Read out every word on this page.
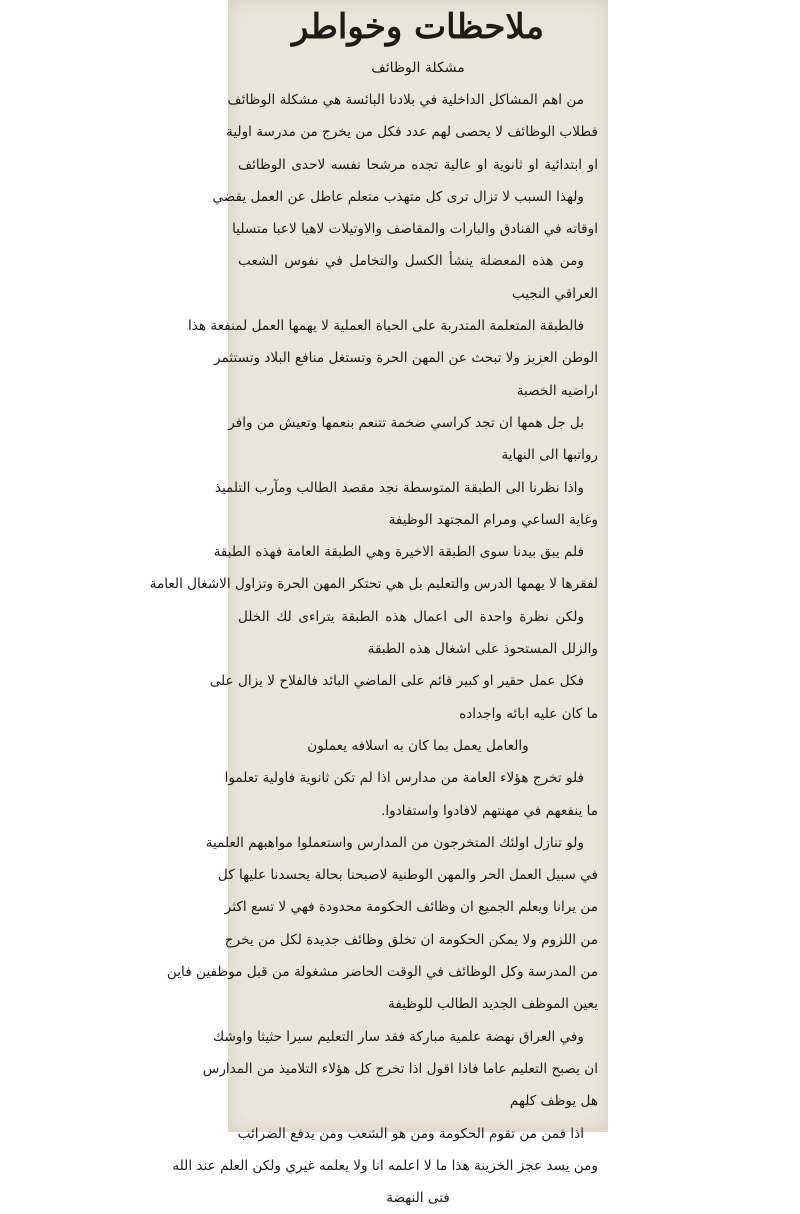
ملاحظات وخواطر
مشكلة الوظائف
من اهم المشاكل الداخلية في بلادنا البائسة هي مشكلة الوظائف
فطلاب الوظائف لا يحصى لهم عدد فكل من يخرج من مدرسة اولية
او ابتدائية او ثانوية او عالية تجده مرشحا نفسه لاحدى الوظائف
ولهذا السبب لا تزال ترى كل متهذب متعلم عاطل عن العمل يقضي
اوقاته في الفنادق والبارات والمقاصف والاوتيلات لاهيا لاعبا متسليا
ومن هذه المعضلة ينشأ الكسل والتخامل في نفوس الشعب
العراقي النجيب
فالطبقة المتعلمة المتدربة على الحياة العملية لا يهمها العمل لمنفعة هذا
الوطن العزيز ولا تبحث عن المهن الحرة وتستغل منافع البلاد وتستثمر
اراضيه الخصبة
بل جل همها ان تجد كراسي ضخمة تتنعم بنعمها وتعيش من وافر
رواتبها الى النهاية
واذا نظرنا الى الطبقة المتوسطة نجد مقصد الطالب ومآرب التلميذ
وغاية الساعي ومرام المجتهد الوظيفة
فلم يبق بيدنا سوى الطبقة الاخيرة وهي الطبقة العامة فهذه الطبقة
لفقرها لا يهمها الدرس والتعليم بل هي تحتكر المهن الحرة وتزاول الاشغال العامة
ولكن نظرة واحدة الى اعمال هذه الطبقة يتراءى لك الخلل
والزلل المستحوذ على اشغال هذه الطبقة
فكل عمل حقير او كبير قائم على الماضي البائد فالفلاح لا يزال على
ما كان عليه ابائه واجداده
والعامل يعمل بما كان به اسلافه يعملون
فلو تخرج هؤلاء العامة من مدارس اذا لم تكن ثانوية فاولية تعلموا
ما ينفعهم في مهنتهم لافادوا واستفادوا.
ولو تنازل اولئك المتخرجون من المدارس واستعملوا مواهبهم العلمية
في سبيل العمل الحر والمهن الوطنية لاصبحنا بحالة يحسدنا عليها كل
من يرانا ويعلم الجميع ان وظائف الحكومة محدودة فهي لا تسع اكثر
من اللزوم ولا يمكن الحكومة ان تخلق وظائف جديدة لكل من يخرج
من المدرسة وكل الوظائف في الوقت الحاضر مشغولة من قبل موظفين فاين
يعين الموظف الجديد الطالب للوظيفة
وفي العراق نهضة علمية مباركة فقد سار التعليم سيرا حثيثا واوشك
ان يصبح التعليم عاما فاذا اقول اذا تخرج كل هؤلاء التلاميذ من المدارس
هل يوظف كلهم
اذا فمن من تقوم الحكومة ومن هو الشعب ومن يدفع الضرائب
ومن يسد عجز الخزينة هذا ما لا اعلمه انا ولا يعلمه غيري ولكن العلم عند الله
فتى النهضة
